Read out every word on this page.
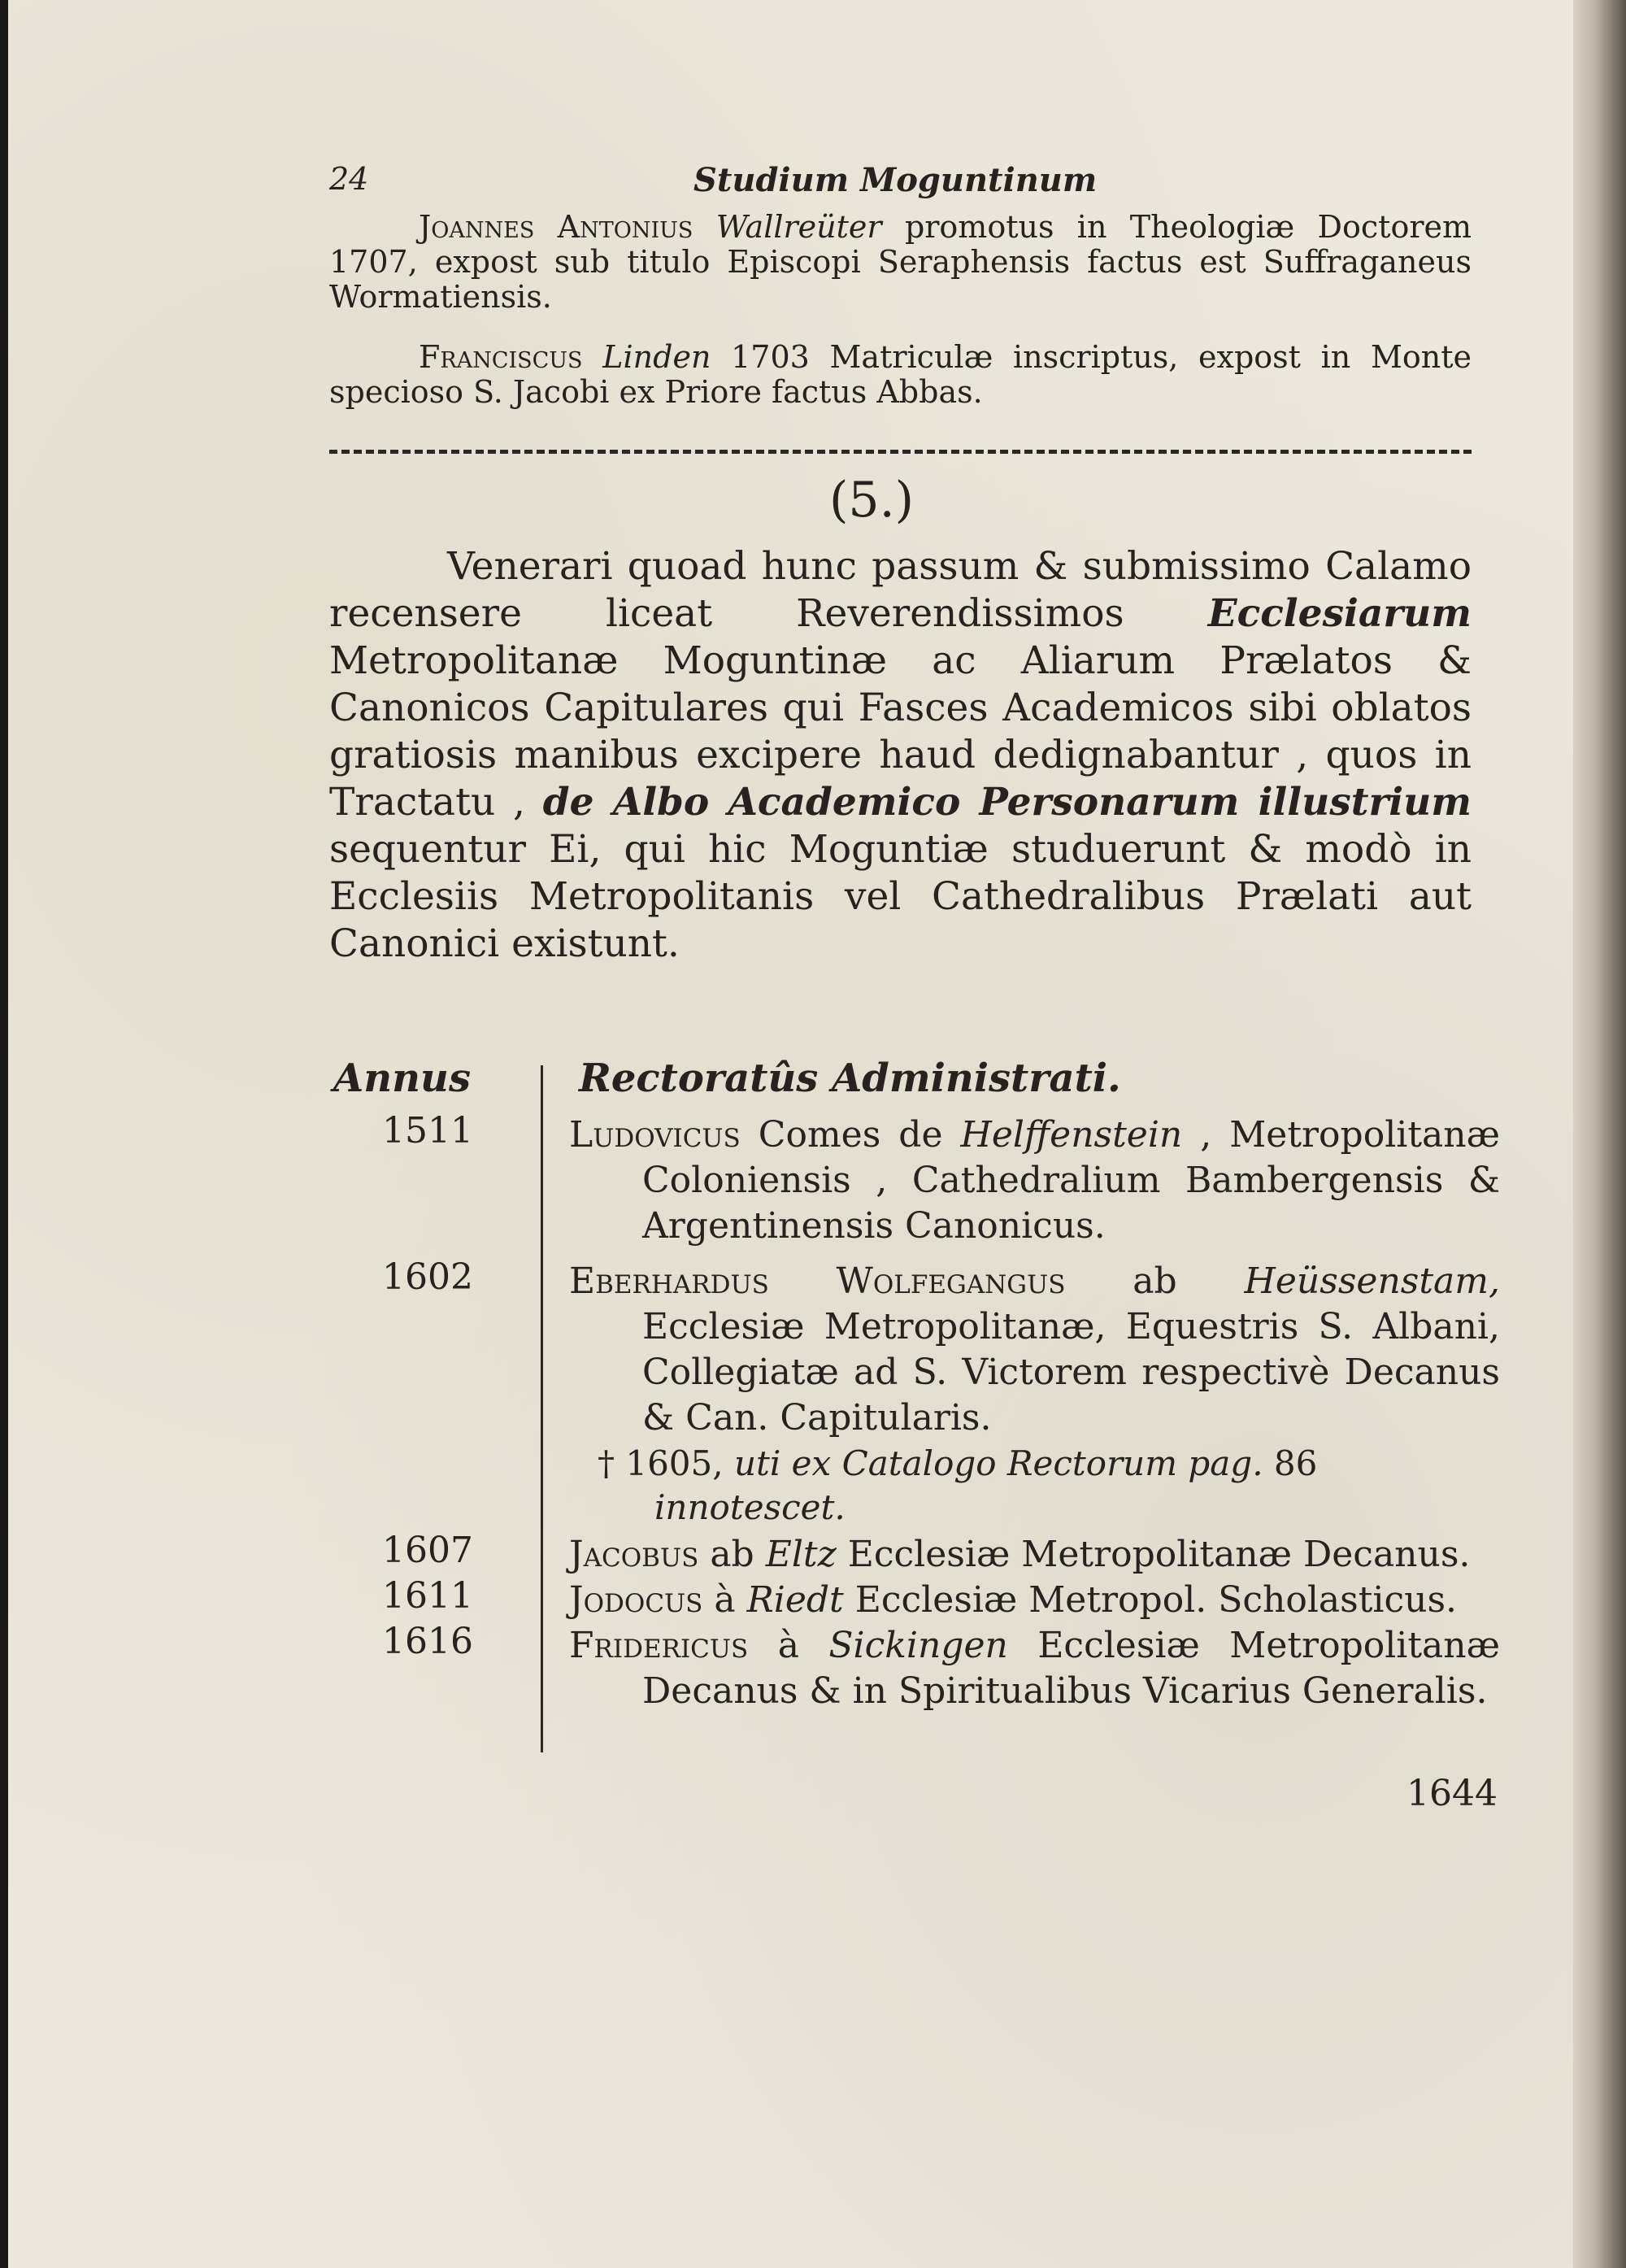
24	Studium Moguntinum
Joannes Antonius Wallreüter promotus in Theologiæ Doctorem 1707, expost sub titulo Episcopi Seraphensis factus est Suffraganeus Wormatiensis.
Franciscus Linden 1703 Matriculæ inscriptus, expost in Monte specioso S. Jacobi ex Priore factus Abbas.
(5.)
Venerari quoad hunc passum & submissimo Calamo recensere liceat Reverendissimos Ecclesiarum Metropolitanæ Moguntinæ ac Aliarum Prælatos & Canonicos Capitulares qui Fasces Academicos sibi oblatos gratiosis manibus excipere haud dedignabantur , quos in Tractatu , de Albo Academico Personarum illustrium sequentur Ei, qui hic Moguntiæ studuerunt & modò in Ecclesiis Metropolitanis vel Cathedralibus Prælati aut Canonici existunt.
Annus	Rectoratûs Administrati.
1511	Ludovicus Comes de Helffenstein , Metropolitanæ Coloniensis , Cathedralium Bambergensis & Argentinensis Canonicus.

1602	Eberhardus Wolfegangus ab Heüssenstam, Ecclesiæ Metropolitanæ, Equestris S. Albani, Collegiatæ ad S. Victorem respectivè Decanus & Can. Capitularis.

† 1605, uti ex Catalogo Rectorum pag. 86 innotescet.

1607	Jacobus ab Eltz Ecclesiæ Metropolitanæ Decanus.

1611	Jodocus à Riedt Ecclesiæ Metropol. Scholasticus.

1616	Fridericus à Sickingen Ecclesiæ Metropolitanæ Decanus & in Spiritualibus Vicarius Generalis.

1644
